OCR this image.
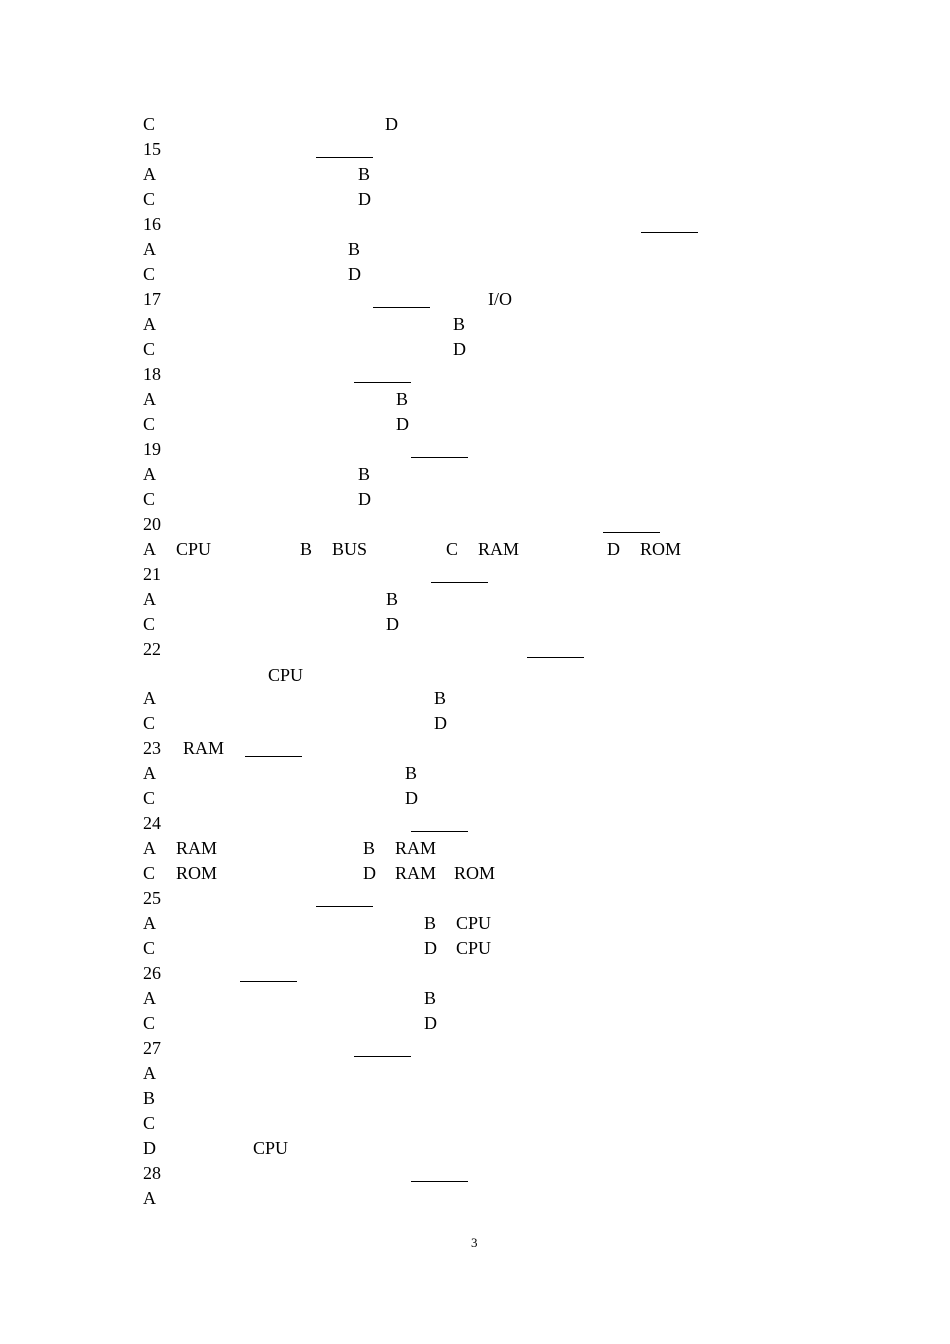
C	D
15
A	B
C	D
16
A	B
C	D
17	I/O
A	B
C	D
18
A	B
C	D
19
A	B
C	D
20
A CPU	B BUS	C RAM	D ROM
21
A	B
C	D
22
CPU
A	B
C	D
23 RAM
A	B
C	D
24
A RAM	B RAM
C ROM	D RAM    ROM
25
A	B CPU
C	D CPU
26
A	B
C	D
27
A
B
C
D	CPU
28
A
3
